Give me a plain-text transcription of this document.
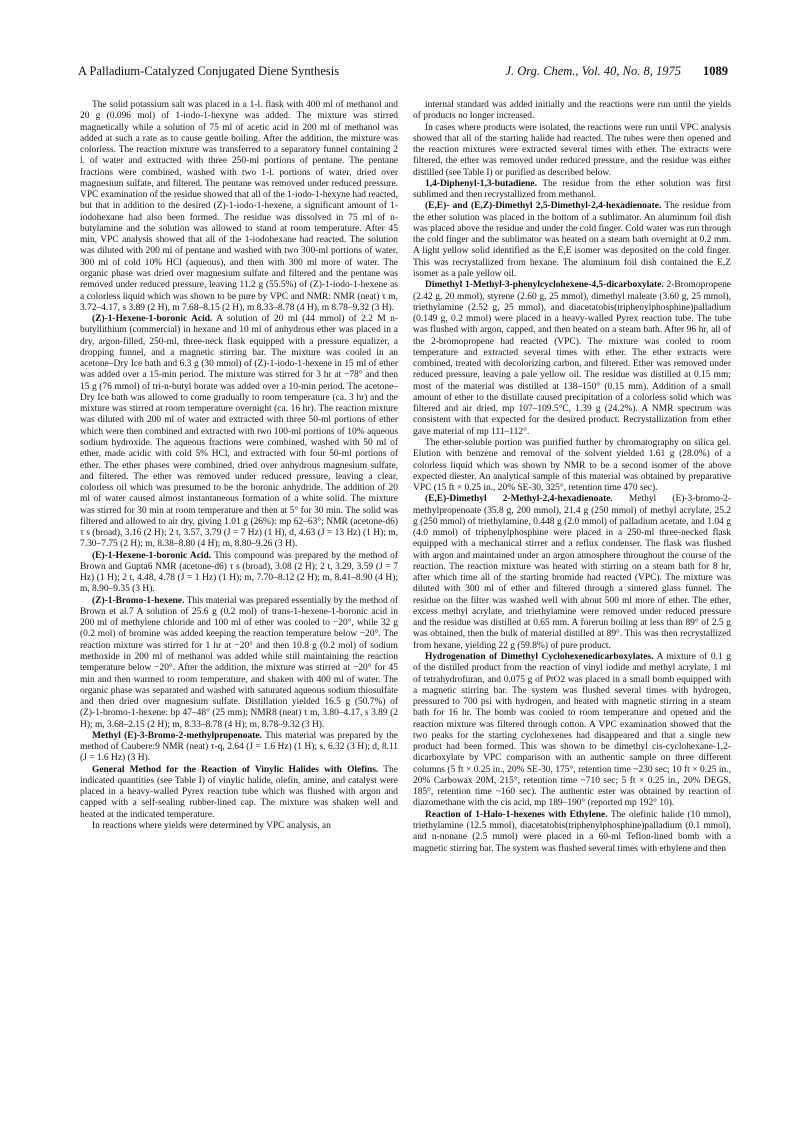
A Palladium-Catalyzed Conjugated Diene Synthesis	J. Org. Chem., Vol. 40, No. 8, 1975 1089

The solid potassium salt was placed in a 1-l. flask with 400 ml of methanol and 20 g (0.096 mol) of 1-iodo-1-hexyne was added. The mixture was stirred magnetically while a solution of 75 ml of acetic acid in 200 ml of methanol was added at such a rate as to cause gentle boiling. After the addition, the mixture was colorless. The reaction mixture was transferred to a separatory funnel containing 2 l. of water and extracted with three 250-ml portions of pentane. The pentane fractions were combined, washed with two 1-l. portions of water, dried over magnesium sulfate, and filtered. The pentane was removed under reduced pressure. VPC examination of the residue showed that all of the 1-iodo-1-hexyne had reacted, but that in addition to the desired (Z)-1-iodo-1-hexene, a significant amount of 1-iodohexane had also been formed. The residue was dissolved in 75 ml of n-butylamine and the solution was allowed to stand at room temperature. After 45 min, VPC analysis showed that all of the 1-iodohexane had reacted. The solution was diluted with 200 ml of pentane and washed with two 300-ml portions of water, 300 ml of cold 10% HCl (aqueous), and then with 300 ml more of water. The organic phase was dried over magnesium sulfate and filtered and the pentane was removed under reduced pressure, leaving 11.2 g (55.5%) of (Z)-1-iodo-1-hexene as a colorless liquid which was shown to be pure by VPC and NMR: NMR (neat) τ m, 3.72–4.17, s 3.89 (2 H), m 7.68–8.15 (2 H), m 8.33–8.78 (4 H), m 8.78–9.32 (3 H).

(Z)-1-Hexene-1-boronic Acid. A solution of 20 ml (44 mmol) of 2.2 M n-butyllithium (commercial) in hexane and 10 ml of anhydrous ether was placed in a dry, argon-filled, 250-ml, three-neck flask equipped with a pressure equalizer, a dropping funnel, and a magnetic stirring bar. The mixture was cooled in an acetone–Dry Ice bath and 6.3 g (30 mmol) of (Z)-1-iodo-1-hexene in 15 ml of ether was added over a 15-min period. The mixture was stirred for 3 hr at −78° and then 15 g (76 mmol) of tri-n-butyl borate was added over a 10-min period. The acetone–Dry Ice bath was allowed to come gradually to room temperature (ca. 3 hr) and the mixture was stirred at room temperature overnight (ca. 16 hr). The reaction mixture was diluted with 200 ml of water and extracted with three 50-ml portions of ether which were then combined and extracted with two 100-ml portions of 10% aqueous sodium hydroxide. The aqueous fractions were combined, washed with 50 ml of ether, made acidic with cold 5% HCl, and extracted with four 50-ml portions of ether. The ether phases were combined, dried over anhydrous magnesium sulfate, and filtered. The ether was removed under reduced pressure, leaving a clear, colorless oil which was presumed to be the boronic anhydride. The addition of 20 ml of water caused almost instantaneous formation of a white solid. The mixture was stirred for 30 min at room temperature and then at 5° for 30 min. The solid was filtered and allowed to air dry, giving 1.01 g (26%): mp 62–63°; NMR (acetone-d6) τ s (broad), 3.16 (2 H); 2 t, 3.57, 3.79 (J = 7 Hz) (1 H), d, 4.63 (J = 13 Hz) (1 H); m, 7.30–7.75 (2 H); m, 8.38–8.80 (4 H); m, 8.80–9.26 (3 H).

(E)-1-Hexene-1-boronic Acid. This compound was prepared by the method of Brown and Gupta6 NMR (acetone-d6) τ s (broad), 3.08 (2 H); 2 t, 3.29, 3.59 (J = 7 Hz) (1 H); 2 t, 4.48, 4.78 (J = 1 Hz) (1 H); m, 7.70–8.12 (2 H); m, 8.41–8.90 (4 H); m, 8.90–9.35 (3 H).

(Z)-1-Bromo-1-hexene. This material was prepared essentially by the method of Brown et al.7 A solution of 25.6 g (0.2 mol) of trans-1-hexene-1-boronic acid in 200 ml of methylene chloride and 100 ml of ether was cooled to −20°, while 32 g (0.2 mol) of bromine was added keeping the reaction temperature below −20°. The reaction mixture was stirred for 1 hr at −20° and then 10.8 g (0.2 mol) of sodium methoxide in 200 ml of methanol was added while still maintaining the reaction temperature below −20°. After the addition, the mixture was stirred at −20° for 45 min and then warmed to room temperature, and shaken with 400 ml of water. The organic phase was separated and washed with saturated aqueous sodium thiosulfate and then dried over magnesium sulfate. Distillation yielded 16.5 g (50.7%) of (Z)-1-bromo-1-hexene: bp 47–48° (25 mm); NMR8 (neat) τ m, 3.80–4.17, s 3.89 (2 H); m, 3.68–2.15 (2 H); m, 8.33–8.78 (4 H); m, 8.78–9.32 (3 H).

Methyl (E)-3-Bromo-2-methylpropenoate. This material was prepared by the method of Caubere:9 NMR (neat) τ-q, 2.64 (J = 1.6 Hz) (1 H); s, 6.32 (3 H); d, 8.11 (J = 1.6 Hz) (3 H).

General Method for the Reaction of Vinylic Halides with Olefins. The indicated quantities (see Table I) of vinylic halide, olefin, amine, and catalyst were placed in a heavy-walled Pyrex reaction tube which was flushed with argon and capped with a self-sealing rubber-lined cap. The mixture was shaken well and heated at the indicated temperature.

In reactions where yields were determined by VPC analysis, an

internal standard was added initially and the reactions were run until the yields of products no longer increased.

In cases where products were isolated, the reactions were run until VPC analysis showed that all of the starting halide had reacted. The tubes were then opened and the reaction mixtures were extracted several times with ether. The extracts were filtered, the ether was removed under reduced pressure, and the residue was either distilled (see Table I) or purified as described below.

1,4-Diphenyl-1,3-butadiene. The residue from the ether solution was first sublimed and then recrystallized from methanol.

(E,E)- and (E,Z)-Dimethyl 2,5-Dimethyl-2,4-hexadienoate. The residue from the ether solution was placed in the bottom of a sublimator. An aluminum foil dish was placed above the residue and under the cold finger. Cold water was run through the cold finger and the sublimator was heated on a steam bath overnight at 0.2 mm. A light yellow solid identified as the E,E isomer was deposited on the cold finger. This was recrystallized from hexane. The aluminum foil dish contained the E,Z isomer as a pale yellow oil.

Dimethyl 1-Methyl-3-phenylcyclohexene-4,5-dicarboxylate. 2-Bromopropene (2.42 g, 20 mmol), styrene (2.60 g, 25 mmol), dimethyl maleate (3.60 g, 25 mmol), triethylamine (2.52 g, 25 mmol), and diacetatobis(triphenylphosphine)palladium (0.149 g, 0.2 mmol) were placed in a heavy-walled Pyrex reaction tube. The tube was flushed with argon, capped, and then heated on a steam bath. After 96 hr, all of the 2-bromopropene had reacted (VPC). The mixture was cooled to room temperature and extracted several times with ether. The ether extracts were combined, treated with decolorizing carbon, and filtered. Ether was removed under reduced pressure, leaving a pale yellow oil. The residue was distilled at 0.15 mm; most of the material was distilled at 138–150° (0.15 mm). Addition of a small amount of ether to the distillate caused precipitation of a colorless solid which was filtered and air dried, mp 107–109.5°C, 1.39 g (24.2%). A NMR spectrum was consistent with that expected for the desired product. Recrystallization from ether gave material of mp 111–112°.

The ether-soluble portion was purified further by chromatography on silica gel. Elution with benzene and removal of the solvent yielded 1.61 g (28.0%) of a colorless liquid which was shown by NMR to be a second isomer of the above expected diester. An analytical sample of this material was obtained by preparative VPC (15 ft × 0.25 in., 20% SE-30, 325°, retention time 470 sec).

(E,E)-Dimethyl 2-Methyl-2,4-hexadienoate. Methyl (E)-3-bromo-2-methylpropenoate (35.8 g, 200 mmol), 21.4 g (250 mmol) of methyl acrylate, 25.2 g (250 mmol) of triethylamine, 0.448 g (2.0 mmol) of palladium acetate, and 1.04 g (4.0 mmol) of triphenylphosphine were placed in a 250-ml three-necked flask equipped with a mechanical stirrer and a reflux condenser. The flask was flushed with argon and maintained under an argon atmosphere throughout the course of the reaction. The reaction mixture was heated with stirring on a steam bath for 8 hr, after which time all of the starting bromide had reacted (VPC). The mixture was diluted with 300 ml of ether and filtered through a sintered glass funnel. The residue on the filter was washed well with about 500 ml more of ether. The ether, excess methyl acrylate, and triethylamine were removed under reduced pressure and the residue was distilled at 0.65 mm. A forerun boiling at less than 89° of 2.5 g was obtained, then the bulk of material distilled at 89°. This was then recrystallized from hexane, yielding 22 g (59.8%) of pure product.

Hydrogenation of Dimethyl Cyclohexenedicarboxylates. A mixture of 0.1 g of the distilled product from the reaction of vinyl iodide and methyl acrylate, 1 ml of tetrahydrofuran, and 0.075 g of PtO2 was placed in a small bomb equipped with a magnetic stirring bar. The system was flushed several times with hydrogen, pressured to 700 psi with hydrogen, and heated with magnetic stirring in a steam bath for 16 hr. The bomb was cooled to room temperature and opened and the reaction mixture was filtered through cotton. A VPC examination showed that the two peaks for the starting cyclohexenes had disappeared and that a single new product had been formed. This was shown to be dimethyl cis-cyclohexane-1,2-dicarboxylate by VPC comparison with an authentic sample on three different columns (5 ft × 0.25 in., 20% SE-30, 175°, retention time ~230 sec; 10 ft × 0.25 in., 20% Carbowax 20M, 215°, retention time ~710 sec; 5 ft × 0.25 in., 20% DEGS, 185°, retention time ~160 sec). The authentic ester was obtained by reaction of diazomethane with the cis acid, mp 189–190° (reported mp 192° 10).

Reaction of 1-Halo-1-hexenes with Ethylene. The olefinic halide (10 mmol), triethylamine (12.5 mmol), diacetatobis(triphenylphosphine)palladium (0.1 mmol), and n-nonane (2.5 mmol) were placed in a 60-ml Teflon-lined bomb with a magnetic stirring bar. The system was flushed several times with ethylene and then
